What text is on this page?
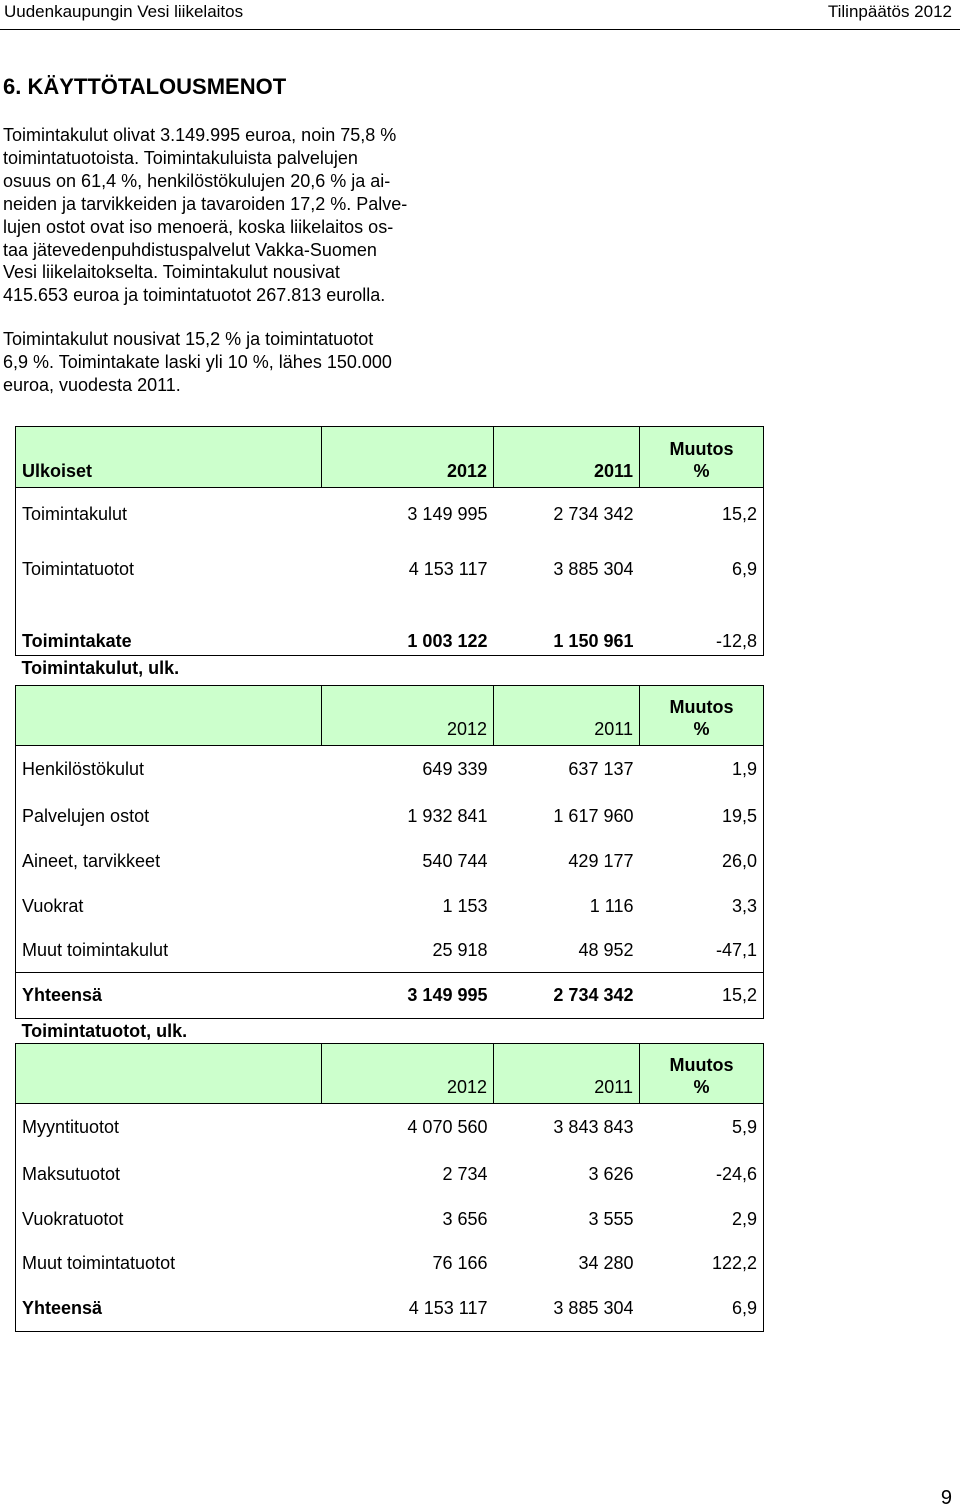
Uudenkaupungin Vesi liikelaitos	Tilinpäätös 2012
6. KÄYTTÖTALOUSMENOT
Toimintakulut olivat 3.149.995 euroa, noin 75,8 %
toimintatuotoista. Toimintakuluista palvelujen
osuus on 61,4 %, henkilöstökulujen 20,6 % ja ai-
neiden ja tarvikkeiden ja tavaroiden 17,2 %. Palve-
lujen ostot ovat iso menoerä, koska liikelaitos os-
taa jätevedenpuhdistuspalvelut Vakka-Suomen
Vesi liikelaitokselta. Toimintakulut nousivat
415.653 euroa ja toimintatuotot 267.813 eurolla.
Toimintakulut nousivat 15,2 % ja toimintatuotot
6,9 %. Toimintakate laski yli 10 %, lähes 150.000
euroa, vuodesta 2011.
Ulkoiset	2012	2011	Muutos
%
Toimintakulut	3 149 995	2 734 342	15,2
Toimintatuotot	4 153 117	3 885 304	6,9
Toimintakate	1 003 122	1 150 961	-12,8
Toimintakulut, ulk.			
	2012	2011	Muutos
%
Henkilöstökulut	649 339	637 137	1,9
Palvelujen ostot	1 932 841	1 617 960	19,5
Aineet, tarvikkeet	540 744	429 177	26,0
Vuokrat	1 153	1 116	3,3
Muut toimintakulut	25 918	48 952	-47,1
Yhteensä	3 149 995	2 734 342	15,2
Toimintatuotot, ulk.			
	2012	2011	Muutos
%
Myyntituotot	4 070 560	3 843 843	5,9
Maksutuotot	2 734	3 626	-24,6
Vuokratuotot	3 656	3 555	2,9
Muut toimintatuotot	76 166	34 280	122,2
Yhteensä	4 153 117	3 885 304	6,9
9
